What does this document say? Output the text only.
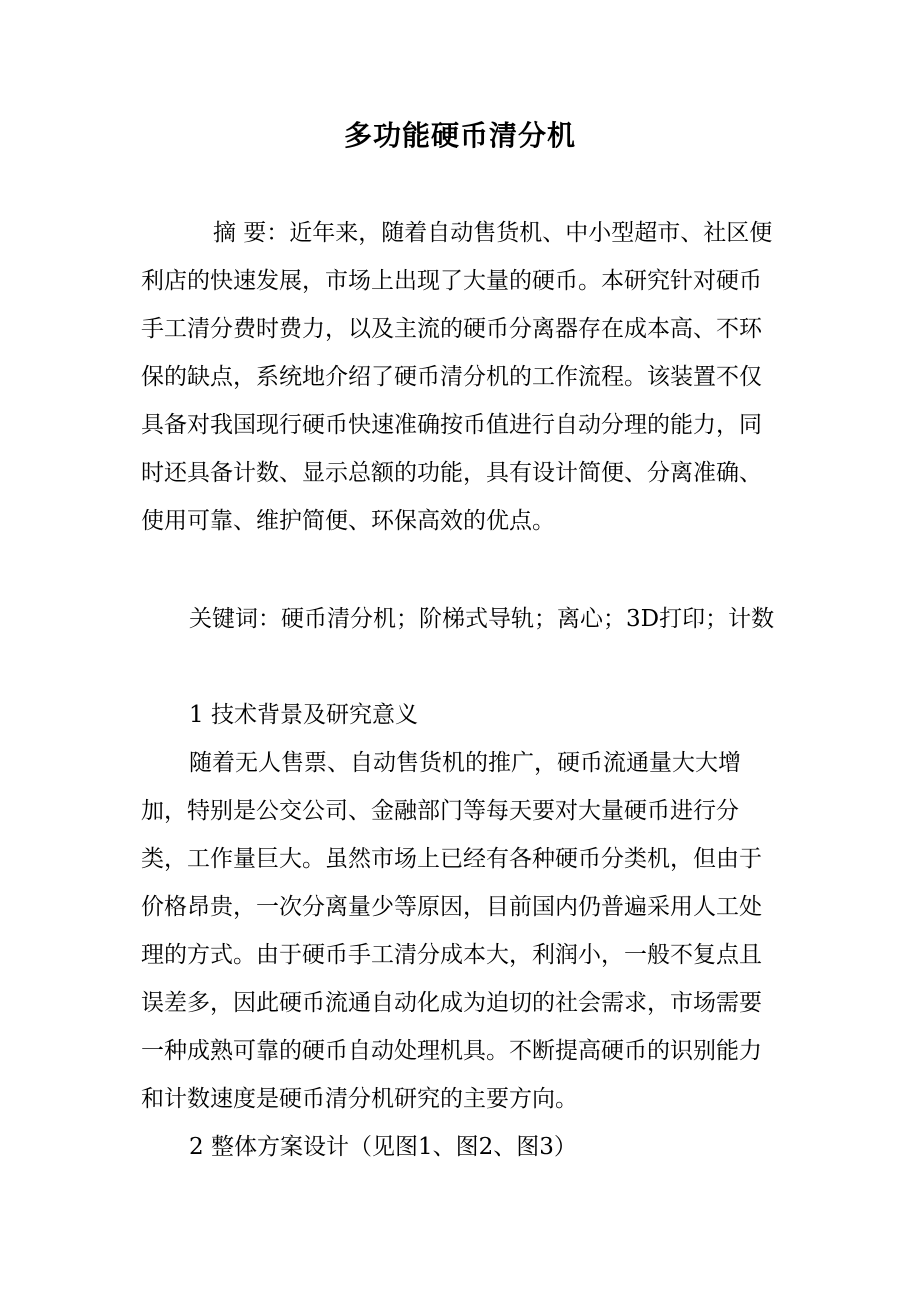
多功能硬币清分机

摘 要：近年来，随着自动售货机、中小型超市、社区便利店的快速发展，市场上出现了大量的硬币。本研究针对硬币手工清分费时费力，以及主流的硬币分离器存在成本高、不环保的缺点，系统地介绍了硬币清分机的工作流程。该装置不仅具备对我国现行硬币快速准确按币值进行自动分理的能力，同时还具备计数、显示总额的功能，具有设计简便、分离准确、使用可靠、维护简便、环保高效的优点。

关键词：硬币清分机；阶梯式导轨；离心；3D打印；计数

1 技术背景及研究意义

随着无人售票、自动售货机的推广，硬币流通量大大增加，特别是公交公司、金融部门等每天要对大量硬币进行分类，工作量巨大。虽然市场上已经有各种硬币分类机，但由于价格昂贵，一次分离量少等原因，目前国内仍普遍采用人工处理的方式。由于硬币手工清分成本大，利润小，一般不复点且误差多，因此硬币流通自动化成为迫切的社会需求，市场需要一种成熟可靠的硬币自动处理机具。不断提高硬币的识别能力和计数速度是硬币清分机研究的主要方向。

2 整体方案设计（见图1、图2、图3）
